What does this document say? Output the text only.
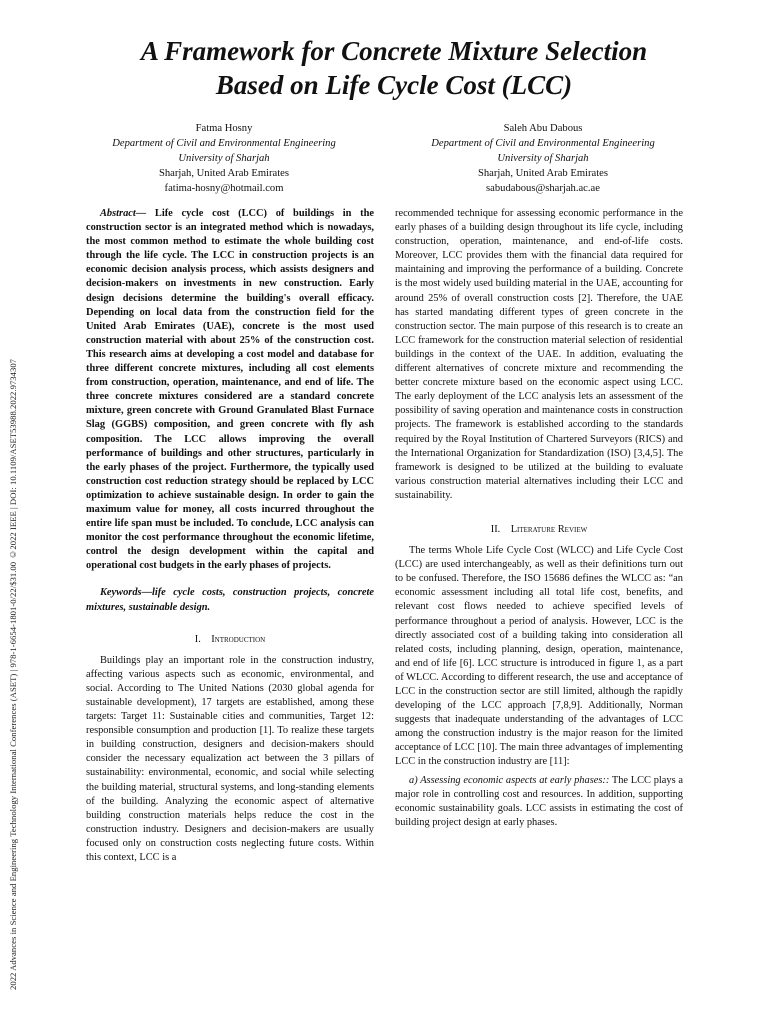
2022 Advances in Science and Engineering Technology International Conferences (ASET) | 978-1-6654-1801-0/22/$31.00 ©2022 IEEE | DOI: 10.1109/ASET53988.2022.9734307
A Framework for Concrete Mixture Selection
Based on Life Cycle Cost (LCC)
Fatma Hosny
Department of Civil and Environmental Engineering
University of Sharjah
Sharjah, United Arab Emirates
fatima-hosny@hotmail.com
Saleh Abu Dabous
Department of Civil and Environmental Engineering
University of Sharjah
Sharjah, United Arab Emirates
sabudabous@sharjah.ac.ae

Abstract— Life cycle cost (LCC) of buildings in the construction sector is an integrated method which is nowadays, the most common method to estimate the whole building cost through the life cycle. The LCC in construction projects is an economic decision analysis process, which assists designers and decision-makers on investments in new construction. Early design decisions determine the building's overall efficacy. Depending on local data from the construction field for the United Arab Emirates (UAE), concrete is the most used construction material with about 25% of the construction cost. This research aims at developing a cost model and database for three different concrete mixtures, including all cost elements from construction, operation, maintenance, and end of life. The three concrete mixtures considered are a standard concrete mixture, green concrete with Ground Granulated Blast Furnace Slag (GGBS) composition, and green concrete with fly ash composition. The LCC allows improving the overall performance of buildings and other structures, particularly in the early phases of the project. Furthermore, the typically used construction cost reduction strategy should be replaced by LCC optimization to achieve sustainable design. In order to gain the maximum value for money, all costs incurred throughout the entire life span must be included. To conclude, LCC analysis can monitor the cost performance throughout the economic lifetime, control the design development within the capital and operational cost budgets in the early phases of projects.

Keywords—life cycle costs, construction projects, concrete mixtures, sustainable design.

I. Introduction

Buildings play an important role in the construction industry, affecting various aspects such as economic, environmental, and social. According to The United Nations (2030 global agenda for sustainable development), 17 targets are established, among these targets: Target 11: Sustainable cities and communities, Target 12: responsible consumption and production [1]. To realize these targets in building construction, designers and decision-makers should consider the necessary equalization act between the 3 pillars of sustainability: environmental, economic, and social while selecting the building material, structural systems, and long-standing elements of the building. Analyzing the economic aspect of alternative building construction materials helps reduce the cost in the construction industry. Designers and decision-makers are usually focused only on construction costs neglecting future costs. Within this context, LCC is a

recommended technique for assessing economic performance in the early phases of a building design throughout its life cycle, including construction, operation, maintenance, and end-of-life costs. Moreover, LCC provides them with the financial data required for maintaining and improving the performance of a building. Concrete is the most widely used building material in the UAE, accounting for around 25% of overall construction costs [2]. Therefore, the UAE has started mandating different types of green concrete in the construction sector. The main purpose of this research is to create an LCC framework for the construction material selection of residential buildings in the context of the UAE. In addition, evaluating the different alternatives of concrete mixture and recommending the better concrete mixture based on the economic aspect using LCC. The early deployment of the LCC analysis lets an assessment of the possibility of saving operation and maintenance costs in construction projects. The framework is established according to the standards required by the Royal Institution of Chartered Surveyors (RICS) and the International Organization for Standardization (ISO) [3,4,5]. The framework is designed to be utilized at the building to evaluate various construction material alternatives including their LCC and sustainability.

II. Literature Review

The terms Whole Life Cycle Cost (WLCC) and Life Cycle Cost (LCC) are used interchangeably, as well as their definitions turn out to be confused. Therefore, the ISO 15686 defines the WLCC as: “an economic assessment including all total life cost, benefits, and relevant cost flows needed to achieve specified levels of performance throughout a period of analysis. However, LCC is the directly associated cost of a building taking into consideration all related costs, including planning, design, operation, maintenance, and end of life [6]. LCC structure is introduced in figure 1, as a part of WLCC. According to different research, the use and acceptance of LCC in the construction sector are still limited, although the rapidly developing of the LCC approach [7,8,9]. Additionally, Norman suggests that inadequate understanding of the advantages of LCC among the construction industry is the major reason for the limited acceptance of LCC [10]. The main three advantages of implementing LCC in the construction industry are [11]:

a) Assessing economic aspects at early phases:: The LCC plays a major role in controlling cost and resources. In addition, supporting economic sustainability goals. LCC assists in estimating the cost of building project design at early phases.
